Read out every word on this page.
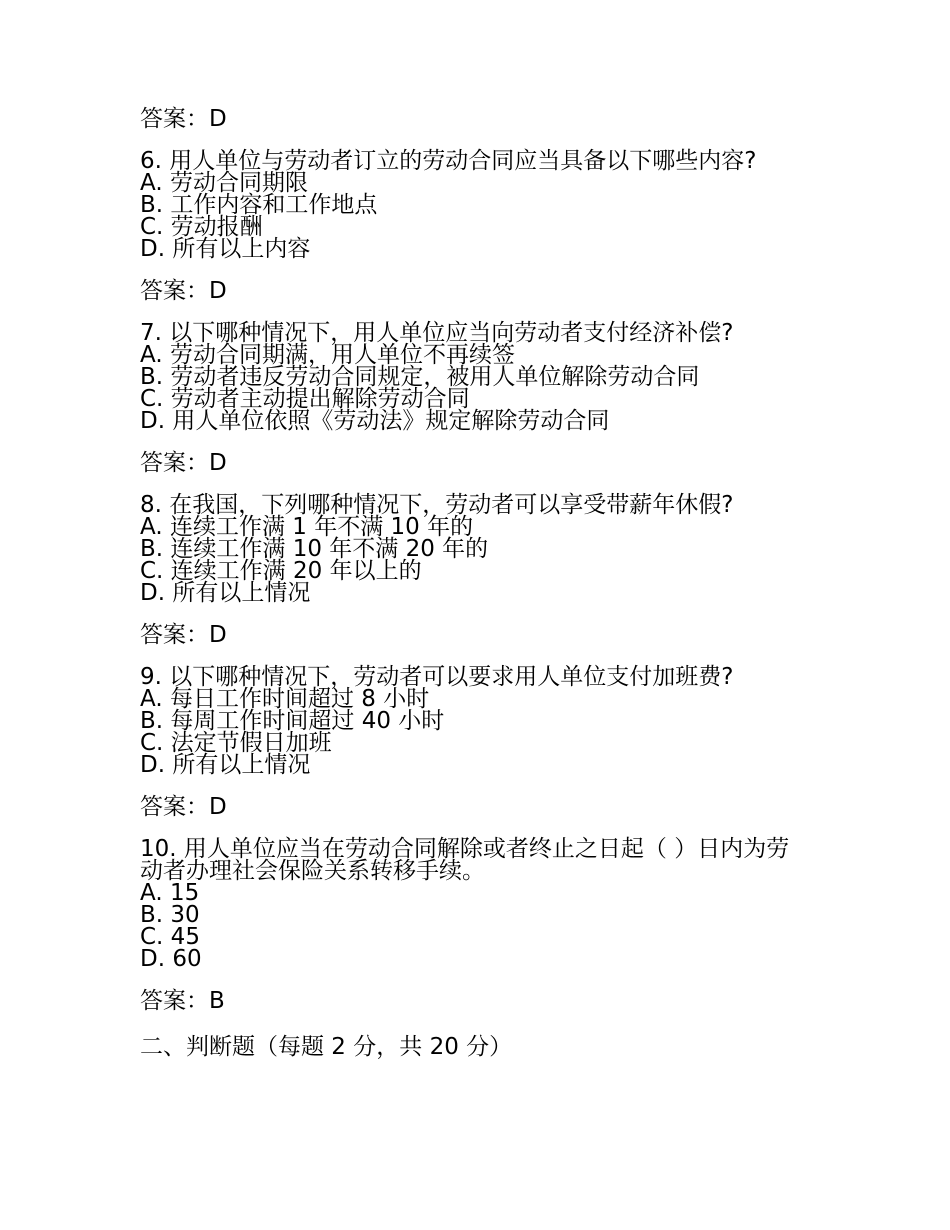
答案：D
6. 用人单位与劳动者订立的劳动合同应当具备以下哪些内容?
A. 劳动合同期限
B. 工作内容和工作地点
C. 劳动报酬
D. 所有以上内容
答案：D
7. 以下哪种情况下，用人单位应当向劳动者支付经济补偿?
A. 劳动合同期满，用人单位不再续签
B. 劳动者违反劳动合同规定，被用人单位解除劳动合同
C. 劳动者主动提出解除劳动合同
D. 用人单位依照《劳动法》规定解除劳动合同
答案：D
8. 在我国，下列哪种情况下，劳动者可以享受带薪年休假?
A. 连续工作满 1 年不满 10 年的
B. 连续工作满 10 年不满 20 年的
C. 连续工作满 20 年以上的
D. 所有以上情况
答案：D
9. 以下哪种情况下，劳动者可以要求用人单位支付加班费?
A. 每日工作时间超过 8 小时
B. 每周工作时间超过 40 小时
C. 法定节假日加班
D. 所有以上情况
答案：D
10. 用人单位应当在劳动合同解除或者终止之日起（ ）日内为劳动者办理社会保险关系转移手续。
A. 15
B. 30
C. 45
D. 60
答案：B
二、判断题（每题 2 分，共 20 分）
